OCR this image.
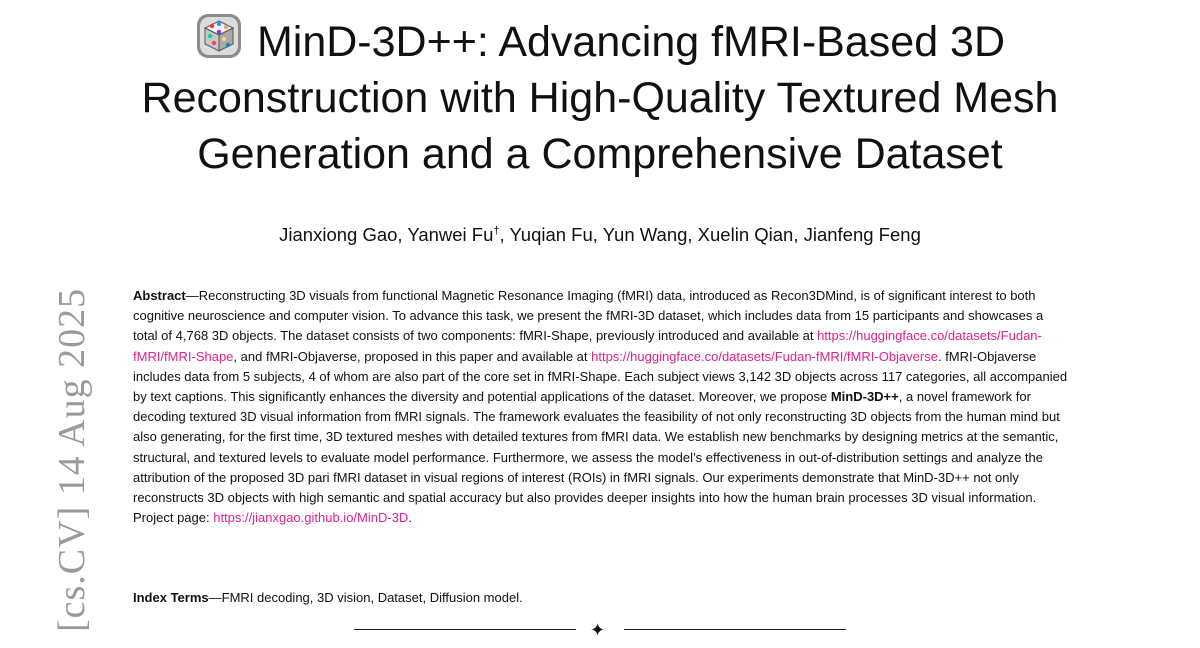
[cs.CV] 14 Aug 2025
MinD-3D++: Advancing fMRI-Based 3D
Reconstruction with High-Quality Textured Mesh
Generation and a Comprehensive Dataset
Jianxiong Gao, Yanwei Fu†, Yuqian Fu, Yun Wang, Xuelin Qian, Jianfeng Feng
Abstract—Reconstructing 3D visuals from functional Magnetic Resonance Imaging (fMRI) data, introduced as Recon3DMind, is of significant interest to both cognitive neuroscience and computer vision. To advance this task, we present the fMRI-3D dataset, which includes data from 15 participants and showcases a total of 4,768 3D objects. The dataset consists of two components: fMRI-Shape, previously introduced and available at https://huggingface.co/datasets/Fudan-fMRI/fMRI-Shape, and fMRI-Objaverse, proposed in this paper and available at https://huggingface.co/datasets/Fudan-fMRI/fMRI-Objaverse. fMRI-Objaverse includes data from 5 subjects, 4 of whom are also part of the core set in fMRI-Shape. Each subject views 3,142 3D objects across 117 categories, all accompanied by text captions. This significantly enhances the diversity and potential applications of the dataset. Moreover, we propose MinD-3D++, a novel framework for decoding textured 3D visual information from fMRI signals. The framework evaluates the feasibility of not only reconstructing 3D objects from the human mind but also generating, for the first time, 3D textured meshes with detailed textures from fMRI data. We establish new benchmarks by designing metrics at the semantic, structural, and textured levels to evaluate model performance. Furthermore, we assess the model’s effectiveness in out-of-distribution settings and analyze the attribution of the proposed 3D pari fMRI dataset in visual regions of interest (ROIs) in fMRI signals. Our experiments demonstrate that MinD-3D++ not only reconstructs 3D objects with high semantic and spatial accuracy but also provides deeper insights into how the human brain processes 3D visual information. Project page: https://jianxgao.github.io/MinD-3D.
Index Terms—FMRI decoding, 3D vision, Dataset, Diffusion model.
✦
